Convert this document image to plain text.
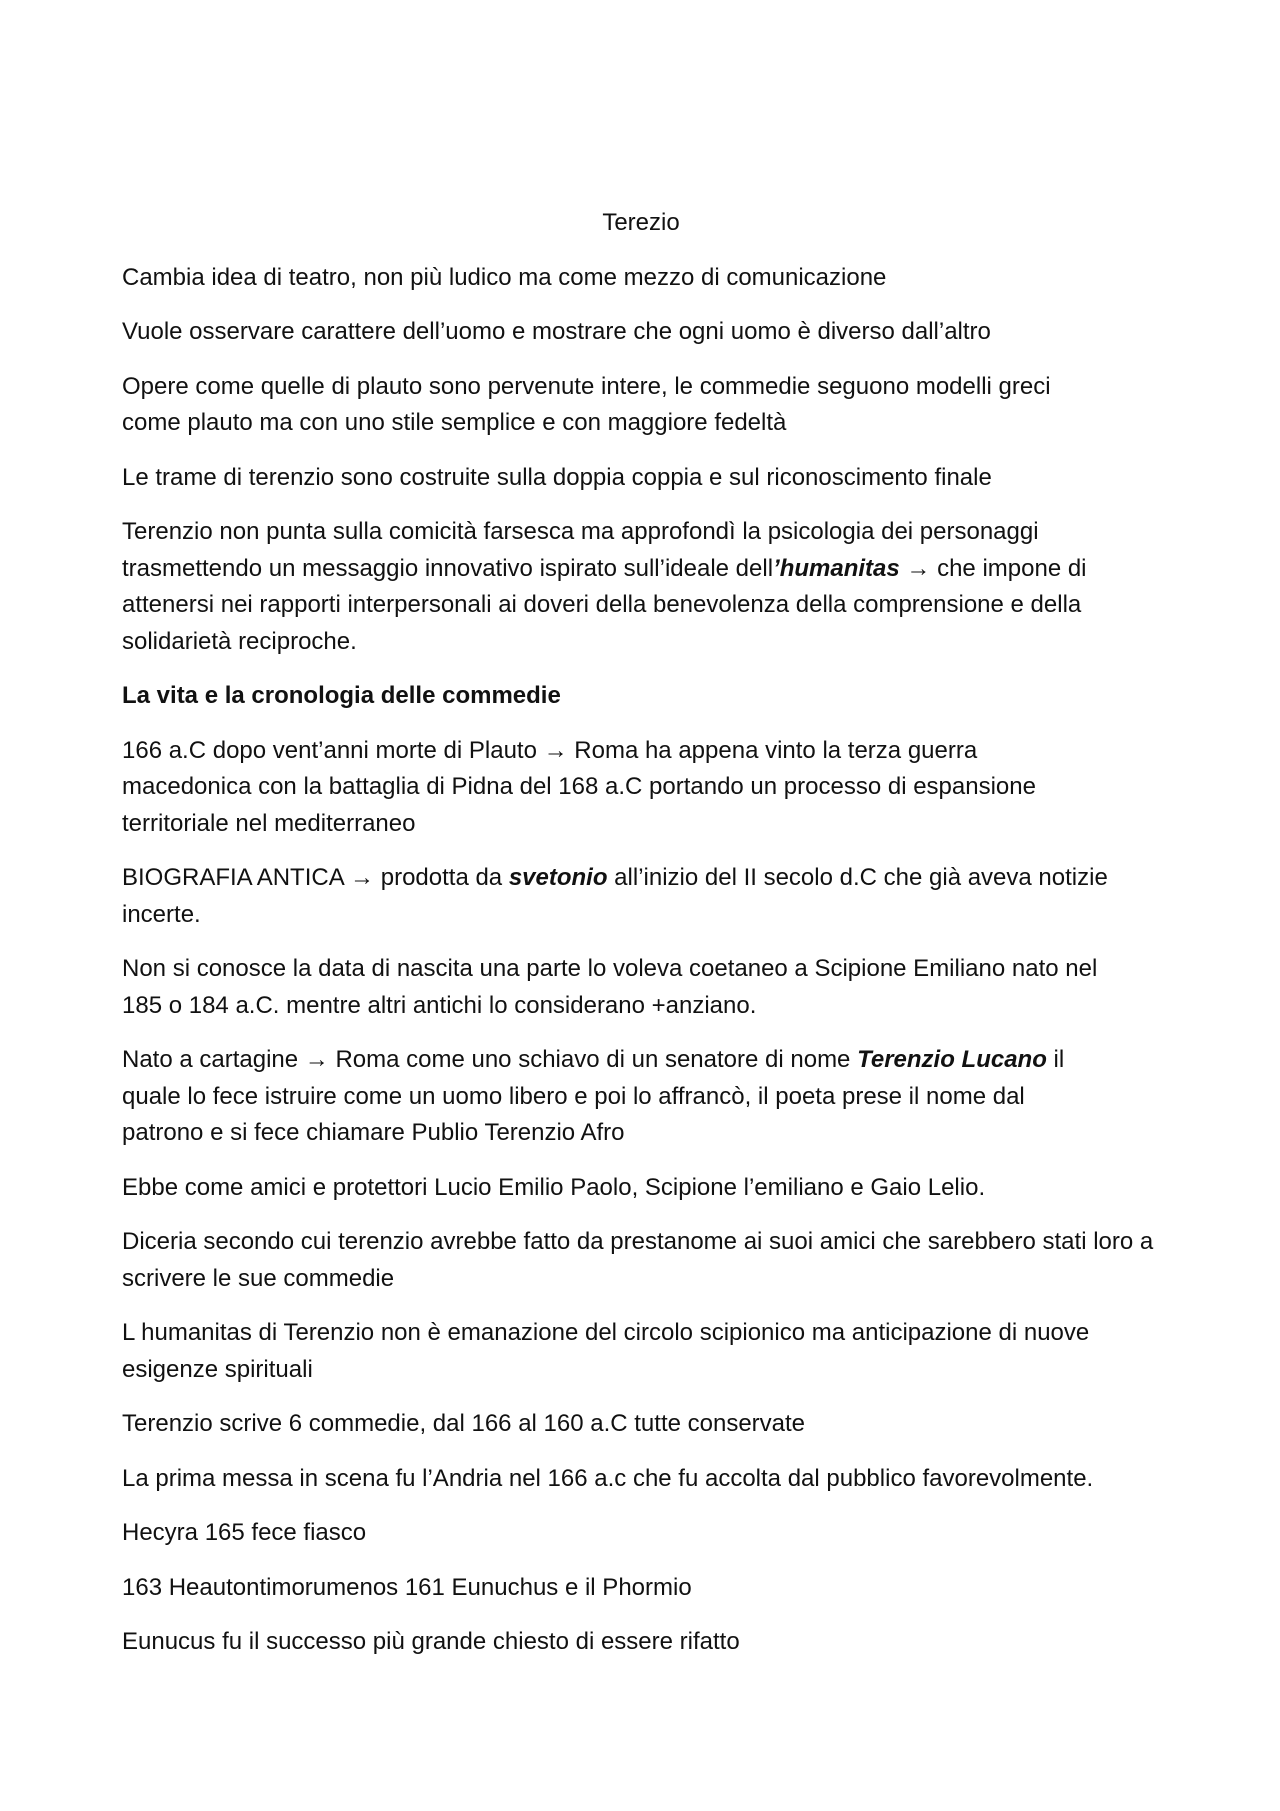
Terezio

Cambia idea di teatro, non più ludico ma come mezzo di comunicazione

Vuole osservare carattere dell’uomo e mostrare che ogni uomo è diverso dall’altro

Opere come quelle di plauto sono pervenute intere, le commedie seguono modelli greci
come plauto ma con uno stile semplice e con maggiore fedeltà

Le trame di terenzio sono costruite sulla doppia coppia e sul riconoscimento finale

Terenzio non punta sulla comicità farsesca ma approfondì la psicologia dei personaggi
trasmettendo un messaggio innovativo ispirato sull’ideale dell’humanitas → che impone di
attenersi nei rapporti interpersonali ai doveri della benevolenza della comprensione e della
solidarietà reciproche.

La vita e la cronologia delle commedie

166 a.C dopo vent’anni morte di Plauto → Roma ha appena vinto la terza guerra
macedonica con la battaglia di Pidna del 168 a.C portando un processo di espansione
territoriale nel mediterraneo

BIOGRAFIA ANTICA → prodotta da svetonio all’inizio del II secolo d.C che già aveva notizie
incerte.

Non si conosce la data di nascita una parte lo voleva coetaneo a Scipione Emiliano nato nel
185 o 184 a.C. mentre altri antichi lo considerano +anziano.

Nato a cartagine → Roma come uno schiavo di un senatore di nome Terenzio Lucano il
quale lo fece istruire come un uomo libero e poi lo affrancò, il poeta prese il nome dal
patrono e si fece chiamare Publio Terenzio Afro

Ebbe come amici e protettori Lucio Emilio Paolo, Scipione l’emiliano e Gaio Lelio.

Diceria secondo cui terenzio avrebbe fatto da prestanome ai suoi amici che sarebbero stati loro a
scrivere le sue commedie

L humanitas di Terenzio non è emanazione del circolo scipionico ma anticipazione di nuove
esigenze spirituali

Terenzio scrive 6 commedie, dal 166 al 160 a.C tutte conservate

La prima messa in scena fu l’Andria nel 166 a.c che fu accolta dal pubblico favorevolmente.

Hecyra 165 fece fiasco

163 Heautontimorumenos 161 Eunuchus e il Phormio

Eunucus fu il successo più grande chiesto di essere rifatto
